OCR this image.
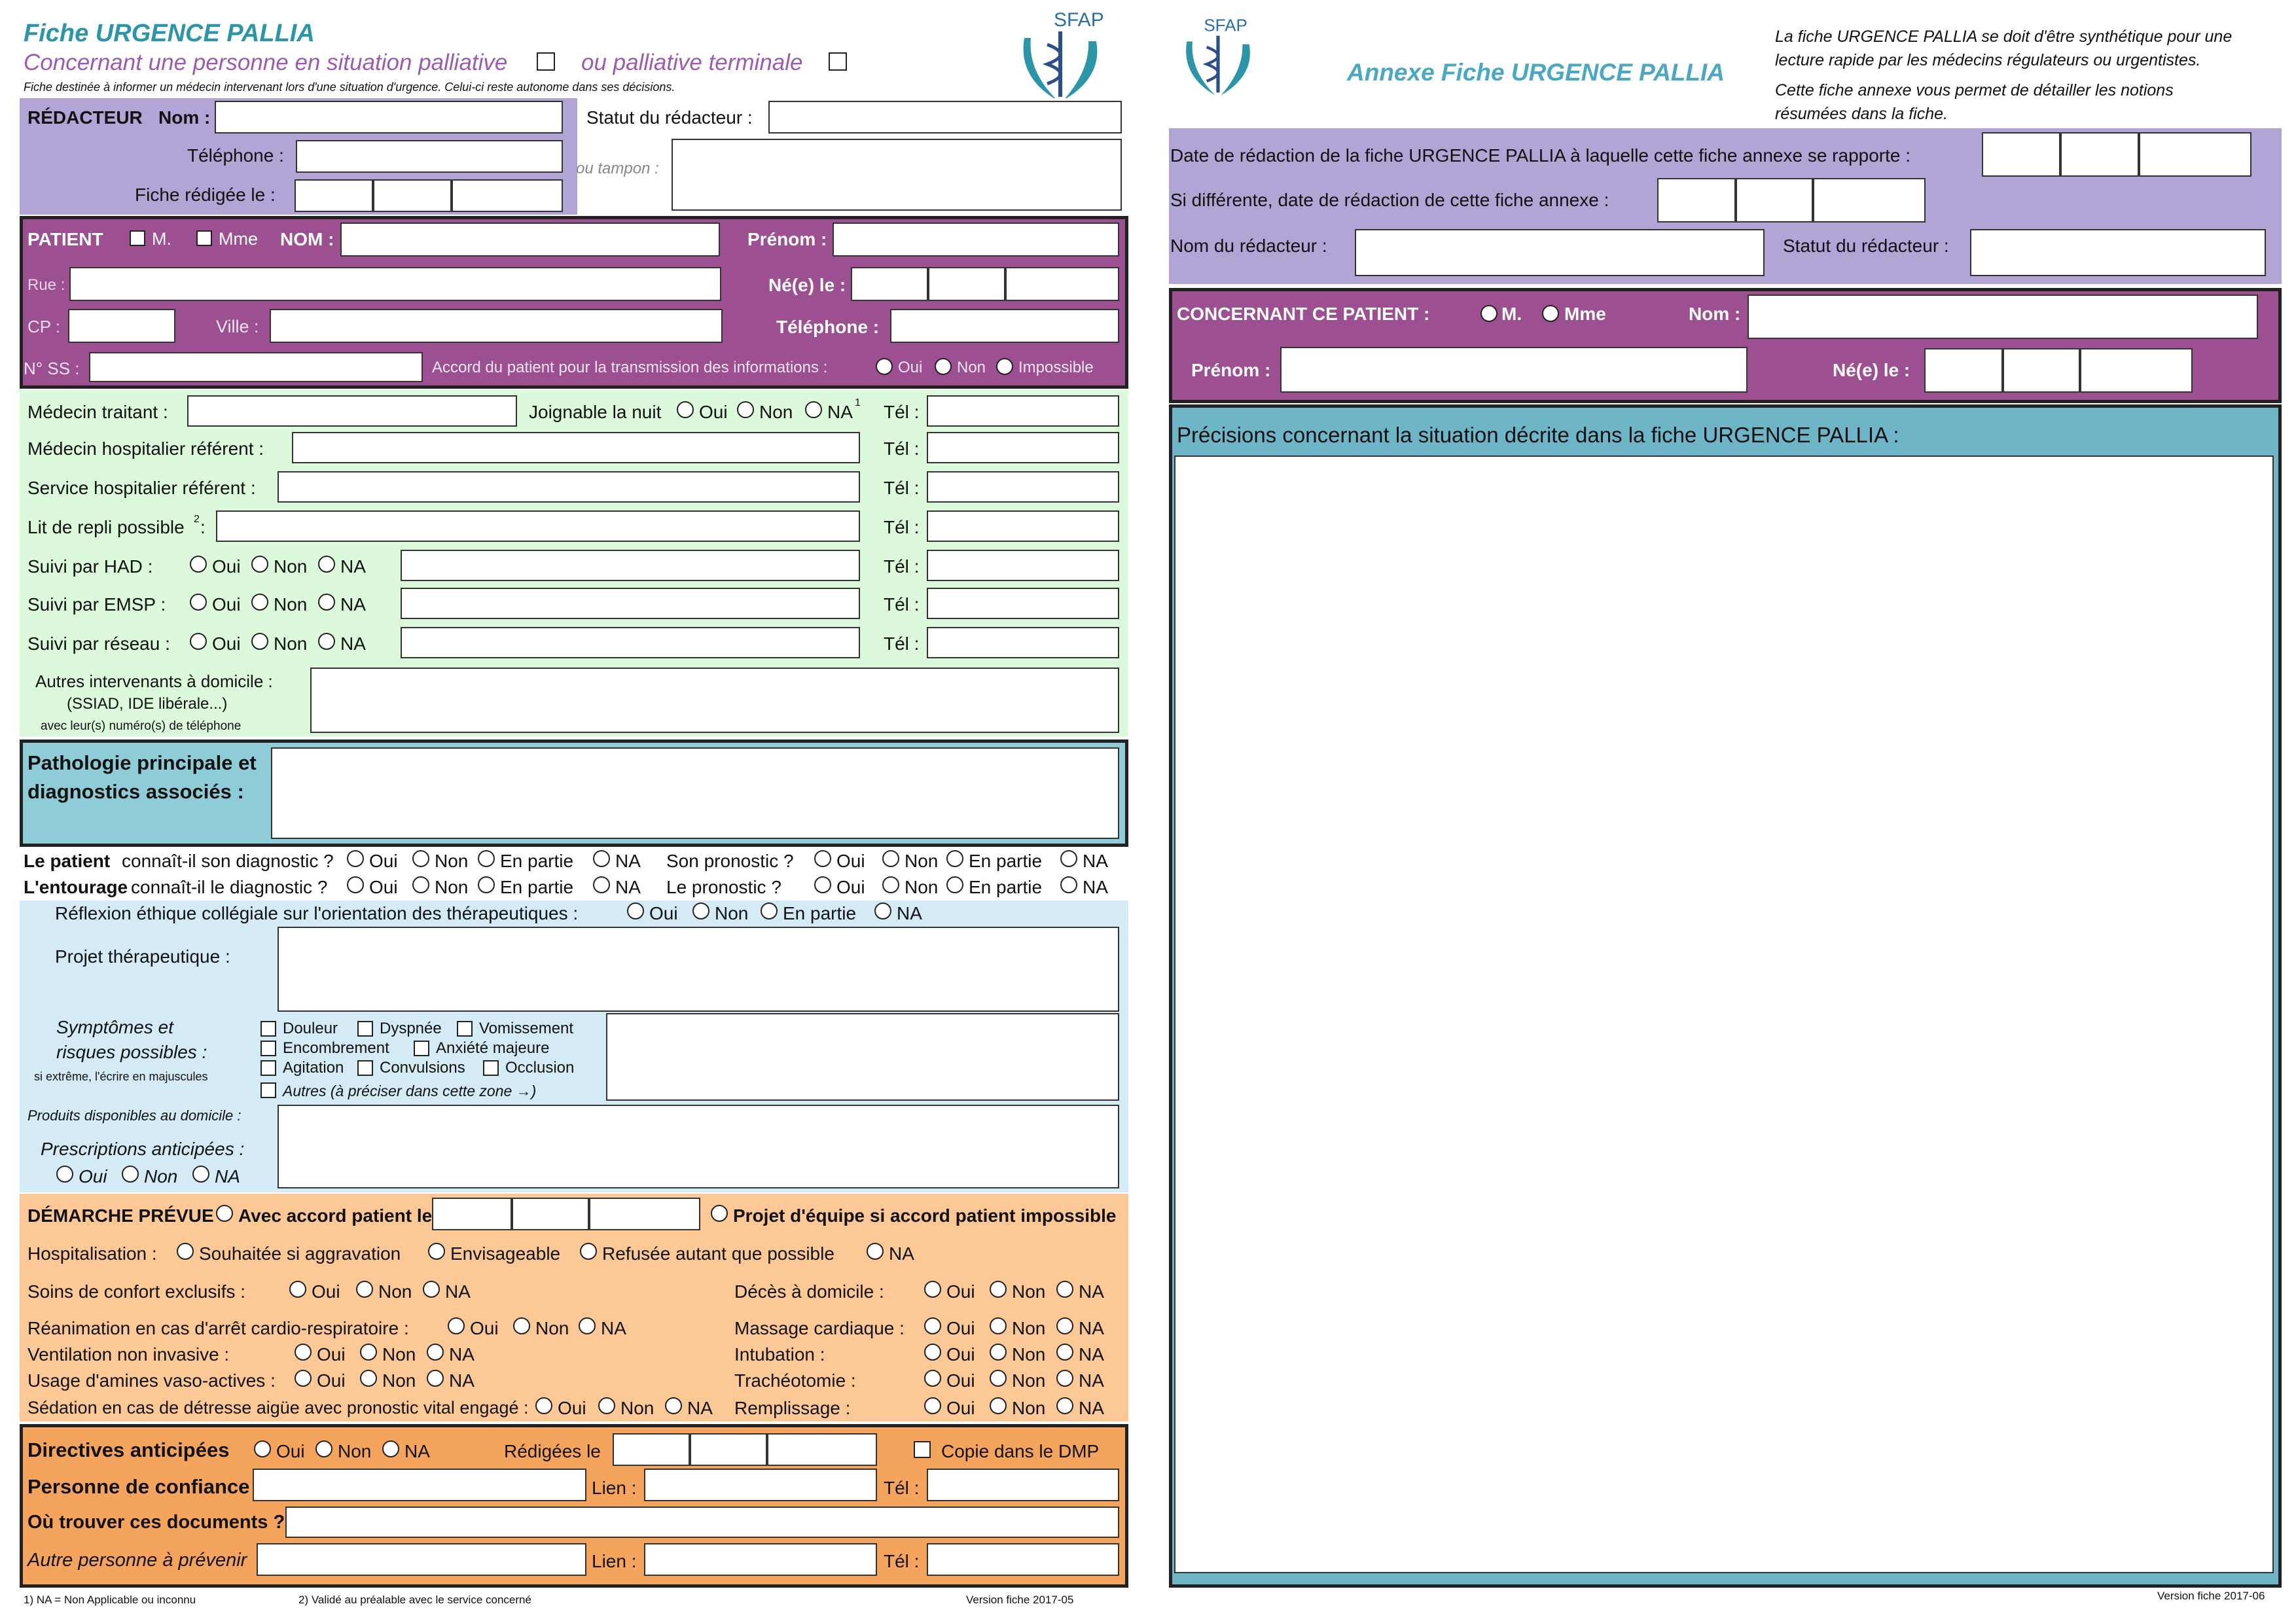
Fiche URGENCE PALLIA
Concernant une personne en situation palliative	ou palliative terminale
Fiche destinée à informer un médecin intervenant lors d'une situation d'urgence. Celui-ci reste autonome dans ses décisions.
SFAP
RÉDACTEUR Nom :	Statut du rédacteur :
Téléphone :
ou tampon :
Fiche rédigée le :
PATIENT	M.	Mme NOM :	Prénom :
Rue :	Né(e) le :
CP :	Ville :	Téléphone :
N° SS :	Accord du patient pour la transmission des informations :	Oui Non Impossible
Médecin traitant :	Joignable la nuit Oui Non NA 1 Tél :
Médecin hospitalier référent :	Tél :
Service hospitalier référent :	Tél :
Lit de repli possible 2 :	Tél :
Suivi par HAD :	Oui Non NA	Tél :
Suivi par EMSP :	Oui Non NA	Tél :
Suivi par réseau : Oui Non NA	Tél :
Autres intervenants à domicile :
(SSIAD, IDE libérale...)
avec leur(s) numéro(s) de téléphone
Pathologie principale et
diagnostics associés :
Le patient connaît-il son diagnostic ? Oui Non En partie NA Son pronostic ? Oui Non En partie NA
L'entourage connaît-il le diagnostic ? Oui Non En partie NA Le pronostic ?	Oui Non En partie NA
Réflexion éthique collégiale sur l'orientation des thérapeutiques :	Oui Non En partie NA
Projet thérapeutique :
Symptômes et
risques possibles :
si extrême, l'écrire en majuscules
Douleur	Dyspnée Vomissement
Encombrement	Anxiété majeure
Agitation Convulsions	Occlusion
Autres (à préciser dans cette zone →)
Produits disponibles au domicile :
Prescriptions anticipées :
Oui Non NA
DÉMARCHE PRÉVUE Avec accord patient le	Projet d'équipe si accord patient impossible
Hospitalisation : Souhaitée si aggravation	Envisageable Refusée autant que possible	NA
Soins de confort exclusifs :	Oui Non NA	Décès à domicile :	Oui Non NA
Réanimation en cas d'arrêt cardio-respiratoire :	Oui Non NA	Massage cardiaque : Oui Non NA
Ventilation non invasive :	Oui Non NA	Intubation :	Oui Non NA
Usage d'amines vaso-actives : Oui Non NA	Trachéotomie :	Oui Non NA
Sédation en cas de détresse aigüe avec pronostic vital engagé : Oui Non NA Remplissage :	Oui Non NA
Directives anticipées	Oui Non NA	Rédigées le	Copie dans le DMP
Personne de confiance	Lien :	Tél :
Où trouver ces documents ?
Autre personne à prévenir	Lien :	Tél :
1) NA = Non Applicable ou inconnu	2) Validé au préalable avec le service concerné	Version fiche 2017-05
SFAP
Annexe Fiche URGENCE PALLIA
La fiche URGENCE PALLIA se doit d'être synthétique pour une
lecture rapide par les médecins régulateurs ou urgentistes.
Cette fiche annexe vous permet de détailler les notions
résumées dans la fiche.
Date de rédaction de la fiche URGENCE PALLIA à laquelle cette fiche annexe se rapporte :
Si différente, date de rédaction de cette fiche annexe :
Nom du rédacteur :	Statut du rédacteur :
CONCERNANT CE PATIENT :	M. Mme	Nom :
Prénom :	Né(e) le :
Précisions concernant la situation décrite dans la fiche URGENCE PALLIA :
Version fiche 2017-06
